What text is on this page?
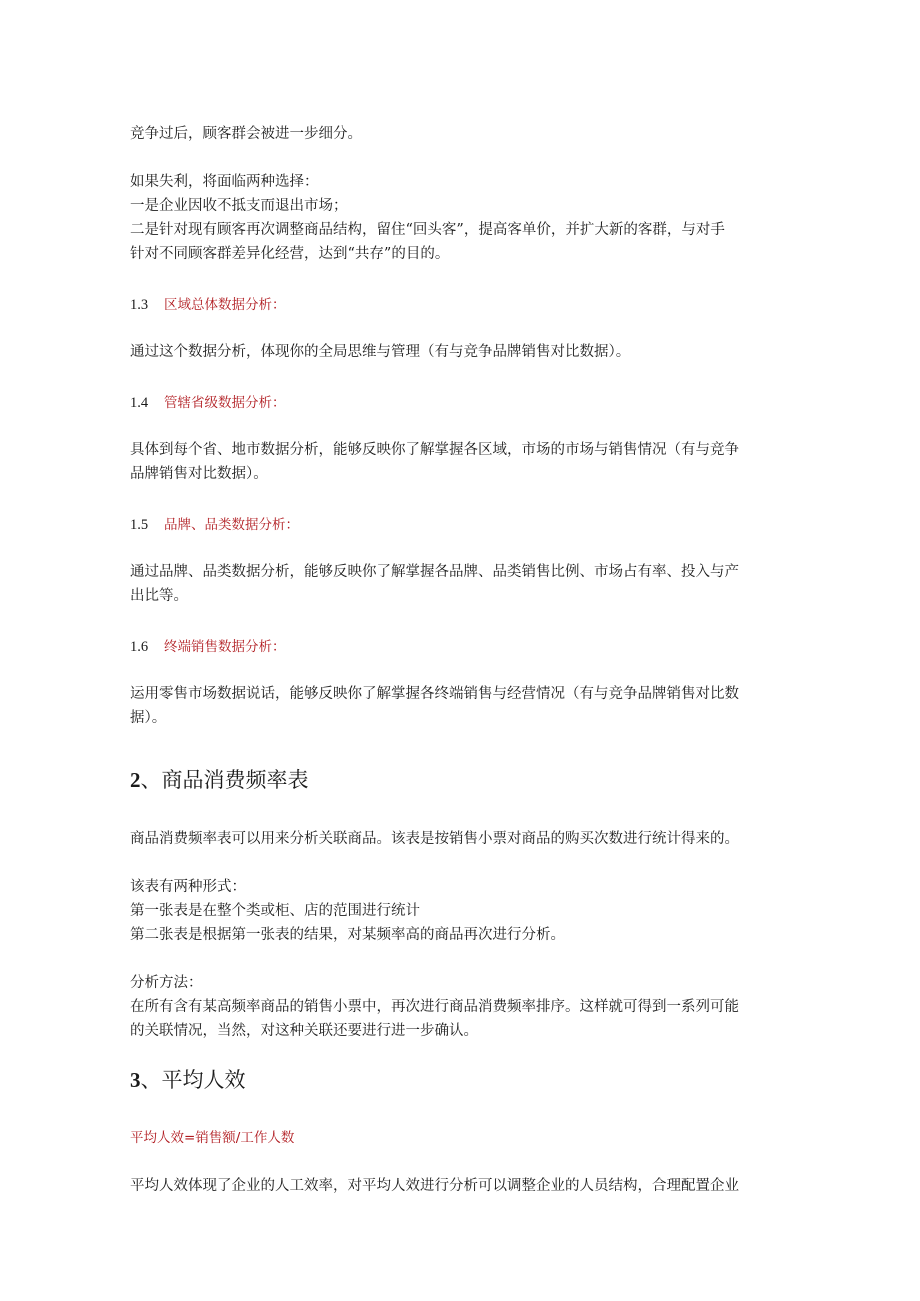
竞争过后，顾客群会被进一步细分。
如果失利，将面临两种选择：
一是企业因收不抵支而退出市场；
二是针对现有顾客再次调整商品结构，留住“回头客”，提高客单价，并扩大新的客群，与对手
针对不同顾客群差异化经营，达到“共存”的目的。
1.3 区域总体数据分析：
通过这个数据分析，体现你的全局思维与管理（有与竞争品牌销售对比数据）。
1.4 管辖省级数据分析：
具体到每个省、地市数据分析，能够反映你了解掌握各区域，市场的市场与销售情况（有与竞争
品牌销售对比数据）。
1.5 品牌、品类数据分析：
通过品牌、品类数据分析，能够反映你了解掌握各品牌、品类销售比例、市场占有率、投入与产
出比等。
1.6 终端销售数据分析：
运用零售市场数据说话，能够反映你了解掌握各终端销售与经营情况（有与竞争品牌销售对比数
据）。
2、商品消费频率表
商品消费频率表可以用来分析关联商品。该表是按销售小票对商品的购买次数进行统计得来的。
该表有两种形式：
第一张表是在整个类或柜、店的范围进行统计
第二张表是根据第一张表的结果，对某频率高的商品再次进行分析。
分析方法：
在所有含有某高频率商品的销售小票中，再次进行商品消费频率排序。这样就可得到一系列可能
的关联情况，当然，对这种关联还要进行进一步确认。
3、平均人效
平均人效=销售额/工作人数
平均人效体现了企业的人工效率，对平均人效进行分析可以调整企业的人员结构，合理配置企业
